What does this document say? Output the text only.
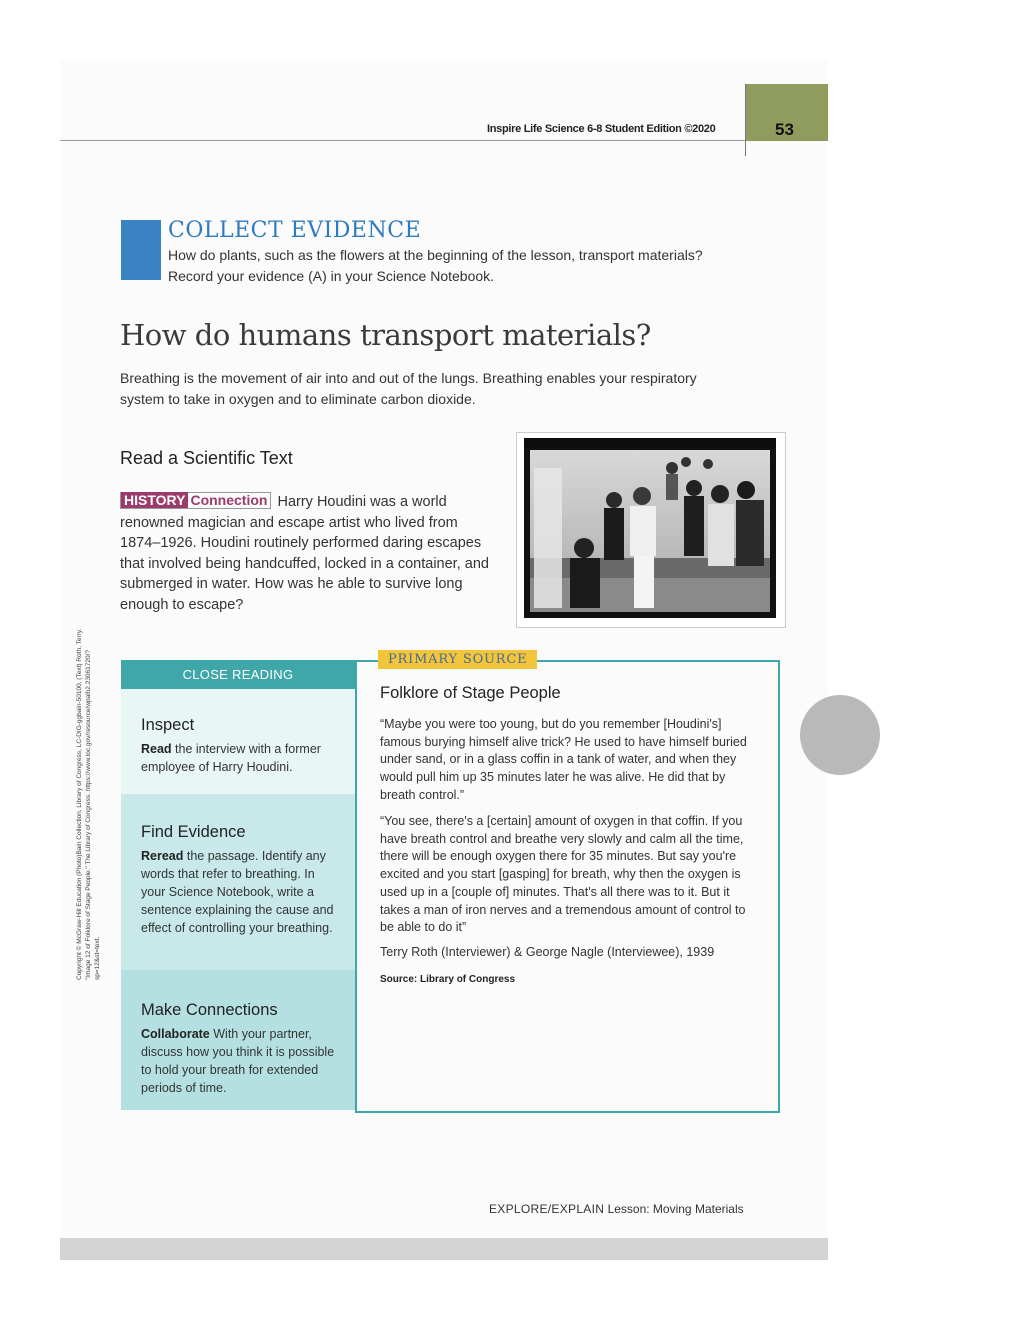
Inspire Life Science 6-8 Student Edition ©2020	53
COLLECT EVIDENCE
How do plants, such as the flowers at the beginning of the lesson, transport materials? Record your evidence (A) in your Science Notebook.
How do humans transport materials?
Breathing is the movement of air into and out of the lungs. Breathing enables your respiratory system to take in oxygen and to eliminate carbon dioxide.
Read a Scientific Text
HISTORY Connection Harry Houdini was a world renowned magician and escape artist who lived from 1874–1926. Houdini routinely performed daring escapes that involved being handcuffed, locked in a container, and submerged in water. How was he able to survive long enough to escape?
CLOSE READING
Inspect
Read the interview with a former employee of Harry Houdini.
Find Evidence
Reread the passage. Identify any words that refer to breathing. In your Science Notebook, write a sentence explaining the cause and effect of controlling your breathing.
Make Connections
Collaborate With your partner, discuss how you think it is possible to hold your breath for extended periods of time.
PRIMARY SOURCE
Folklore of Stage People
“Maybe you were too young, but do you remember [Houdini's] famous burying himself alive trick? He used to have himself buried under sand, or in a glass coffin in a tank of water, and when they would pull him up 35 minutes later he was alive. He did that by breath control.”
“You see, there's a [certain] amount of oxygen in that coffin. If you have breath control and breathe very slowly and calm all the time, there will be enough oxygen there for 35 minutes. But say you're excited and you start [gasping] for breath, why then the oxygen is used up in a [couple of] minutes. That's all there was to it. But it takes a man of iron nerves and a tremendous amount of control to be able to do it”
Terry Roth (Interviewer) & George Nagle (Interviewee), 1939
Source: Library of Congress
Copyright © McGraw-Hill Education (Photo)Bain Collection, Library of Congress, LC-DIG-ggbain-50100, (Text) Roth, Terry. "Image 12 of Folklore of Stage People." The Library of Congress. https://www.loc.gov/resource/wpalh2.23061720/?sp=12&st=text.
EXPLORE/EXPLAIN Lesson: Moving Materials
